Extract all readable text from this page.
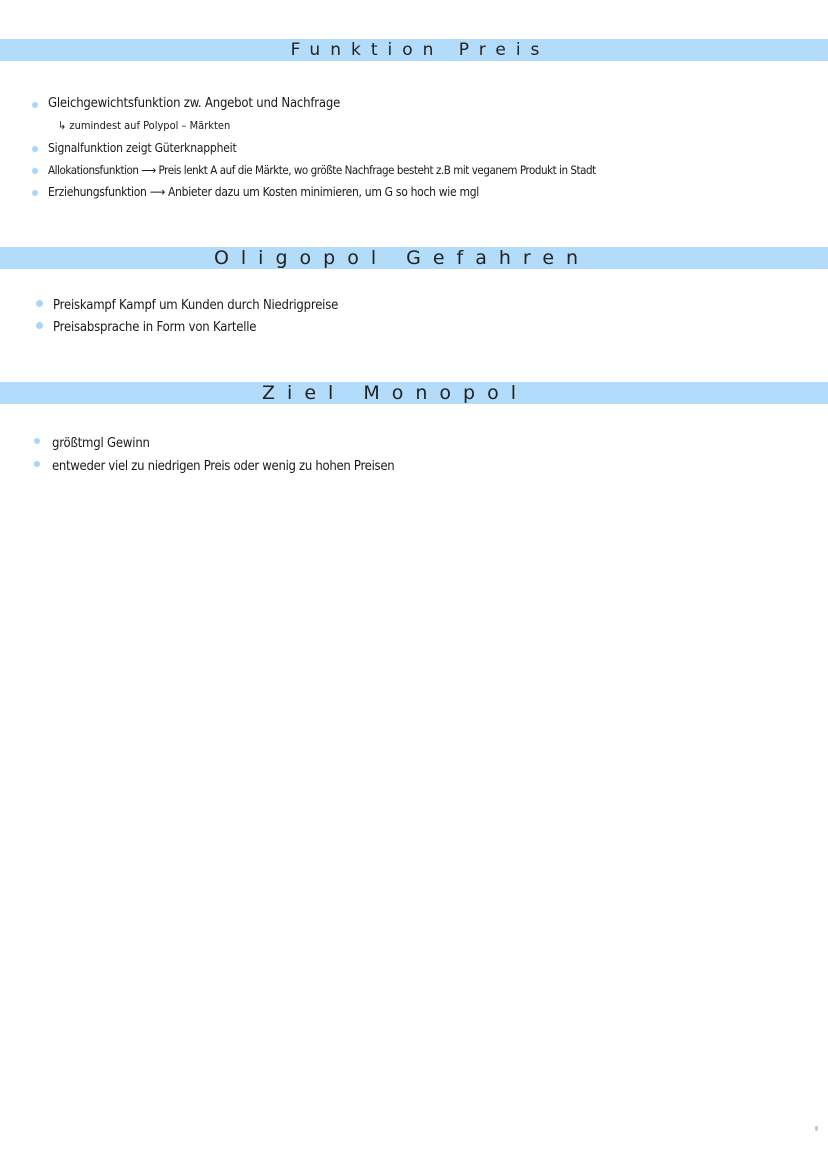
Funktion Preis
Gleichgewichtsfunktion zw. Angebot und Nachfrage
↳ zumindest auf Polypol – Märkten
Signalfunktion zeigt Güterknappheit
Allokationsfunktion ⟶ Preis lenkt A auf die Märkte, wo größte Nachfrage besteht z.B mit veganem Produkt in Stadt
Erziehungsfunktion ⟶ Anbieter dazu um Kosten minimieren, um G so hoch wie mgl
Oligopol Gefahren
Preiskampf Kampf um Kunden durch Niedrigpreise
Preisabsprache in Form von Kartelle
Ziel Monopol
größtmgl Gewinn
entweder viel zu niedrigen Preis oder wenig zu hohen Preisen
